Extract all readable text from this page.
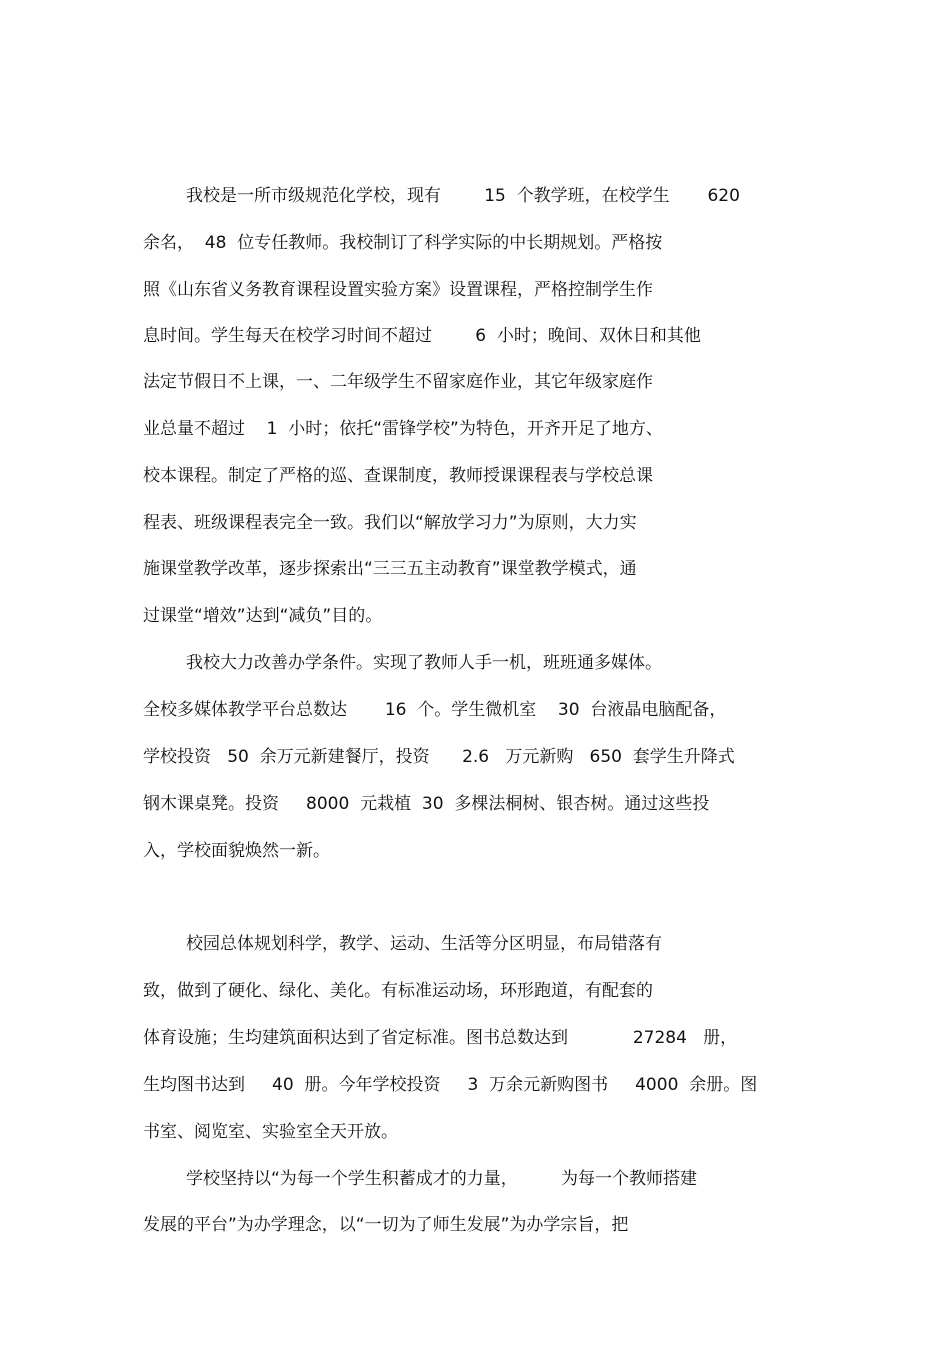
我校是一所市级规范化学校，现有        15  个教学班，在校学生       620
余名，  48  位专任教师。我校制订了科学实际的中长期规划。严格按
照《山东省义务教育课程设置实验方案》设置课程，严格控制学生作
息时间。学生每天在校学习时间不超过        6  小时；晚间、双休日和其他
法定节假日不上课，一、二年级学生不留家庭作业，其它年级家庭作
业总量不超过    1  小时；依托“雷锋学校”为特色，开齐开足了地方、
校本课程。制定了严格的巡、查课制度，教师授课课程表与学校总课
程表、班级课程表完全一致。我们以“解放学习力”为原则，大力实
施课堂教学改革，逐步探索出“三三五主动教育”课堂教学模式，通
过课堂“增效”达到“减负”目的。
我校大力改善办学条件。实现了教师人手一机，班班通多媒体。
全校多媒体教学平台总数达       16  个。学生微机室    30  台液晶电脑配备，
学校投资   50  余万元新建餐厅，投资      2.6   万元新购   650  套学生升降式
钢木课桌凳。投资     8000  元栽植  30  多棵法桐树、银杏树。通过这些投
入，学校面貌焕然一新。
校园总体规划科学，教学、运动、生活等分区明显，布局错落有
致，做到了硬化、绿化、美化。有标准运动场，环形跑道，有配套的
体育设施；生均建筑面积达到了省定标准。图书总数达到            27284   册，
生均图书达到     40  册。今年学校投资     3  万余元新购图书     4000  余册。图
书室、阅览室、实验室全天开放。
学校坚持以“为每一个学生积蓄成才的力量，        为每一个教师搭建
发展的平台”为办学理念，以“一切为了师生发展”为办学宗旨，把
